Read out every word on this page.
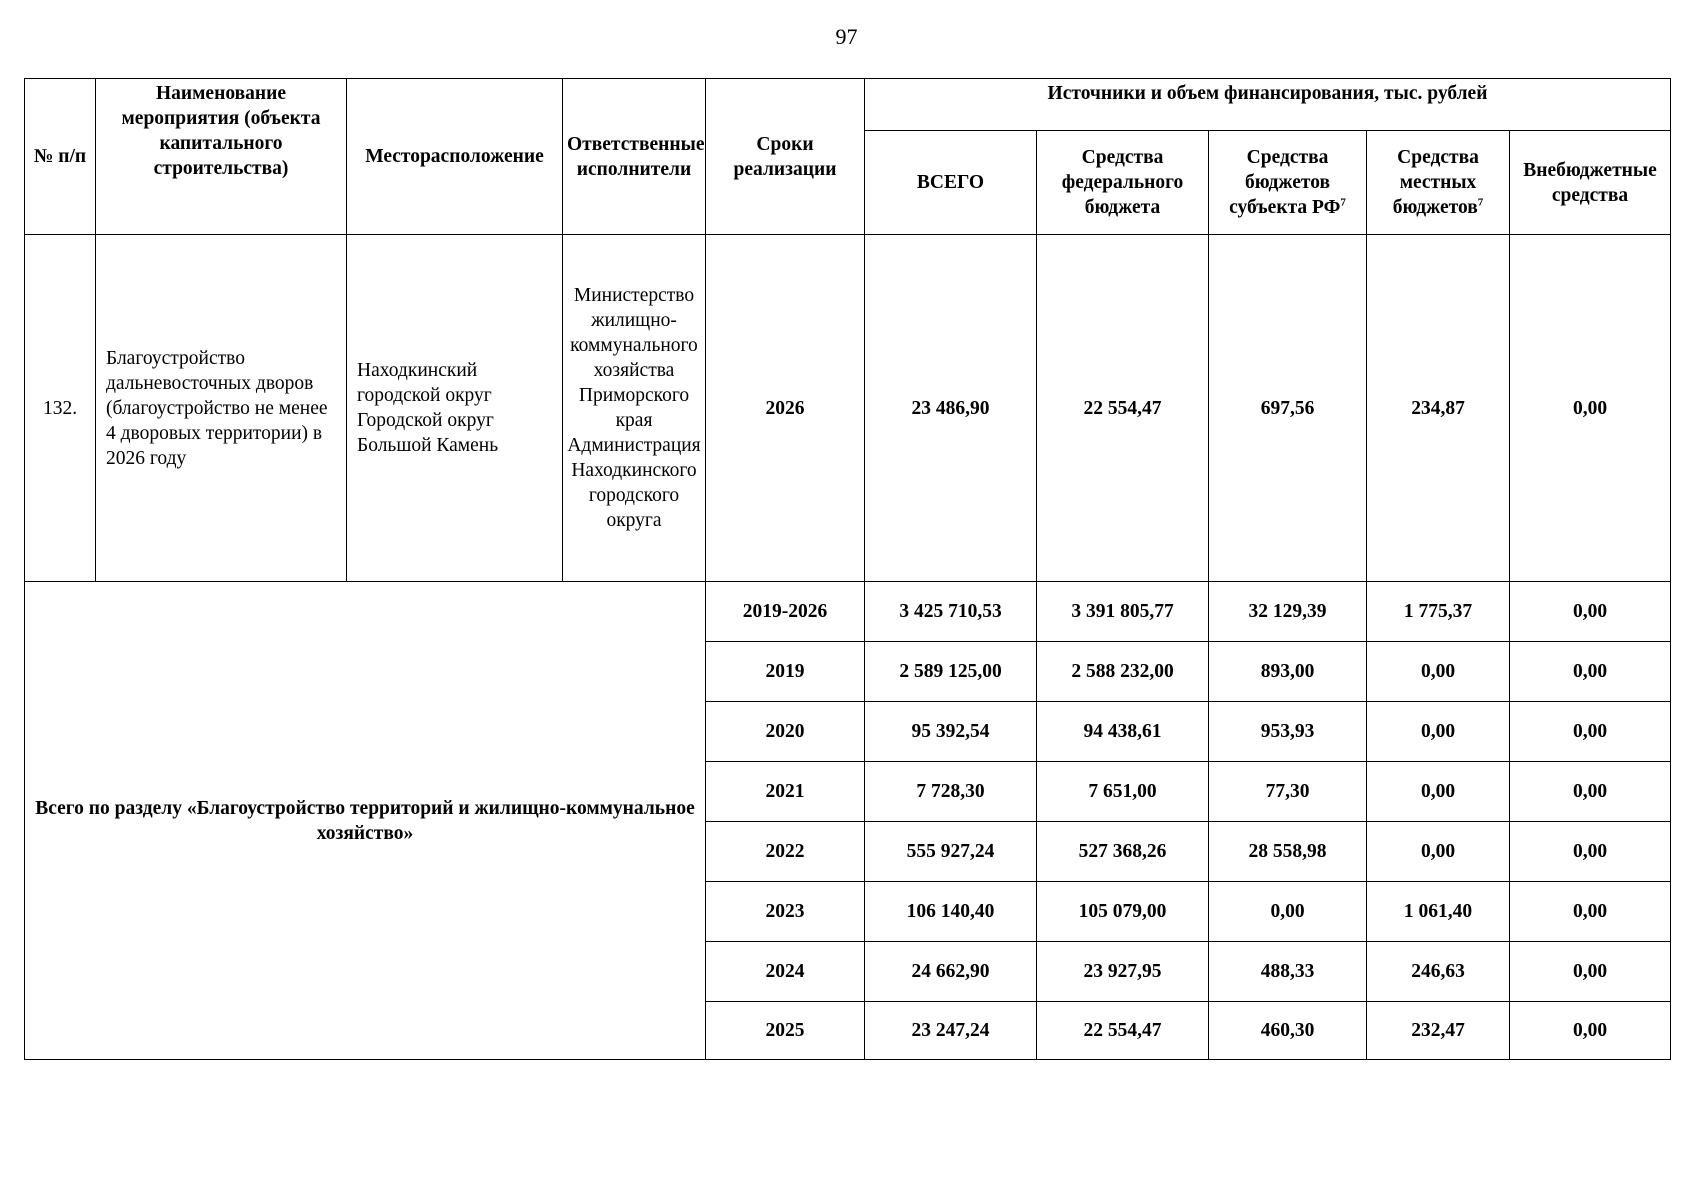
97
№ п/п	Наименование мероприятия (объекта капитального строительства)	Месторасположение	Ответственные исполнители	Сроки реализации	Источники и объем финансирования, тыс. рублей				
					ВСЕГО	Средства федерального бюджета	Средства бюджетов субъекта $РФ^7$	Средства местных бюджетов$^7$	Внебюджетные средства
132.	Благоустройство дальневосточных дворов (благоустройство не менее 4 дворовых территории) в 2026 году	Находкинский городской округ Городской округ Большой Камень	Министерство жилищно-коммунального хозяйства Приморского края Администрация Находкинского городского округа	2026	23 486,90	22 554,47	697,56	234,87	0,00
Всего по разделу «Благоустройство территорий и жилищно-коммунальное хозяйство»				2019-2026	3 425 710,53	3 391 805,77	32 129,39	1 775,37	0,00
				2019	2 589 125,00	2 588 232,00	893,00	0,00	0,00
				2020	95 392,54	94 438,61	953,93	0,00	0,00
				2021	7 728,30	7 651,00	77,30	0,00	0,00
				2022	555 927,24	527 368,26	28 558,98	0,00	0,00
				2023	106 140,40	105 079,00	0,00	1 061,40	0,00
				2024	24 662,90	23 927,95	488,33	246,63	0,00
				2025	23 247,24	22 554,47	460,30	232,47	0,00
